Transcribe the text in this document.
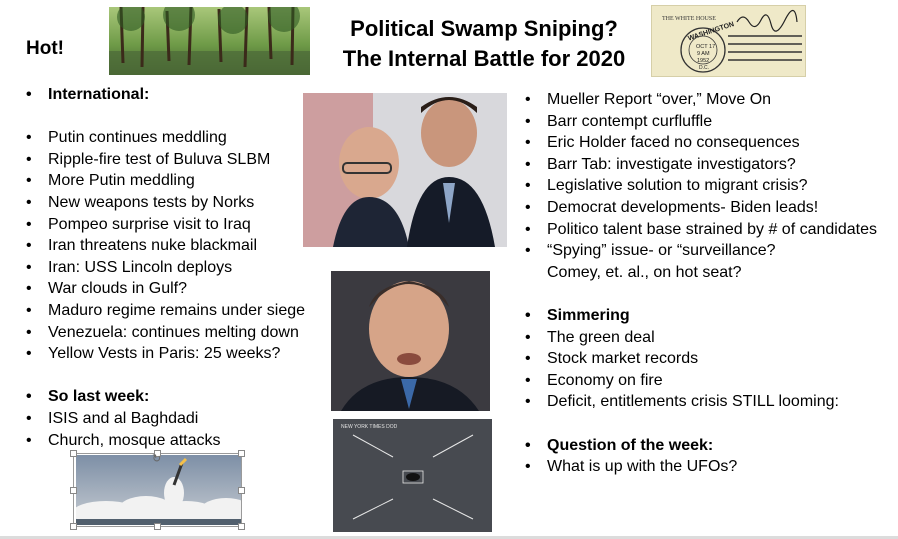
Hot!
Political Swamp Sniping?
The Internal Battle for 2020
THE WHITE HOUSE
WASHINGTON
OCT 17
9 AM
1952
D.C.
NEW YORK TIMES DOD
↻
• International:
• Putin continues meddling
• Ripple-fire test of Buluva SLBM
• More Putin meddling
• New weapons tests by Norks
• Pompeo surprise visit to Iraq
• Iran threatens nuke blackmail
• Iran: USS Lincoln deploys
• War clouds in Gulf?
• Maduro regime remains under siege
• Venezuela: continues melting down
• Yellow Vests in Paris: 25 weeks?
• So last week:
• ISIS and al Baghdadi
• Church, mosque attacks
• Mueller Report “over,” Move On
• Barr contempt curfluffle
• Eric Holder faced no consequences
• Barr Tab: investigate investigators?
• Legislative solution to migrant crisis?
• Democrat developments- Biden leads!
• Politico talent base strained by # of candidates
• “Spying” issue- or “surveillance?
Comey, et. al., on hot seat?
• Simmering
• The green deal
• Stock market records
• Economy on fire
• Deficit, entitlements crisis STILL looming:
• Question of the week:
• What is up with the UFOs?
